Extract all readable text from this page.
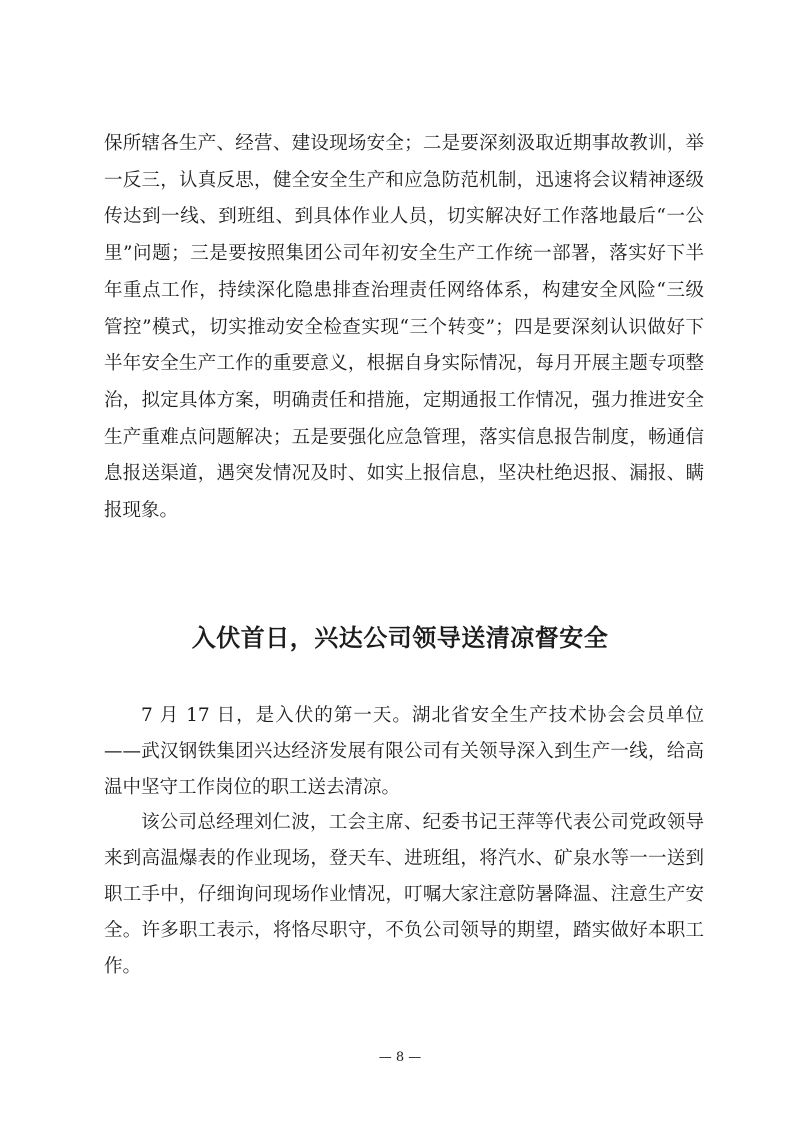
保所辖各生产、经营、建设现场安全；二是要深刻汲取近期事故教训，举一反三，认真反思，健全安全生产和应急防范机制，迅速将会议精神逐级传达到一线、到班组、到具体作业人员，切实解决好工作落地最后“一公里”问题；三是要按照集团公司年初安全生产工作统一部署，落实好下半年重点工作，持续深化隐患排查治理责任网络体系，构建安全风险“三级管控”模式，切实推动安全检查实现“三个转变”；四是要深刻认识做好下半年安全生产工作的重要意义，根据自身实际情况，每月开展主题专项整治，拟定具体方案，明确责任和措施，定期通报工作情况，强力推进安全生产重难点问题解决；五是要强化应急管理，落实信息报告制度，畅通信息报送渠道，遇突发情况及时、如实上报信息，坚决杜绝迟报、漏报、瞒报现象。

入伏首日，兴达公司领导送清凉督安全

7 月 17 日，是入伏的第一天。湖北省安全生产技术协会会员单位——武汉钢铁集团兴达经济发展有限公司有关领导深入到生产一线，给高温中坚守工作岗位的职工送去清凉。

该公司总经理刘仁波，工会主席、纪委书记王萍等代表公司党政领导来到高温爆表的作业现场，登天车、进班组，将汽水、矿泉水等一一送到职工手中，仔细询问现场作业情况，叮嘱大家注意防暑降温、注意生产安全。许多职工表示，将恪尽职守，不负公司领导的期望，踏实做好本职工作。

— 8 —
